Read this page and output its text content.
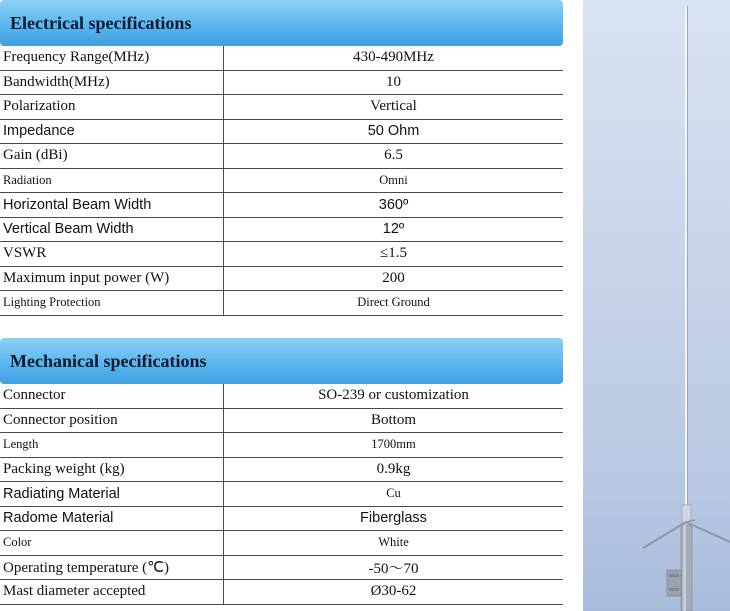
Electrical specifications
Frequency Range(MHz)	430-490MHz
Bandwidth(MHz)	10
Polarization	Vertical
Impedance	50 Ohm
Gain (dBi)	6.5
Radiation	Omni
Horizontal Beam Width	360º
Vertical Beam Width	12º
VSWR	≤1.5
Maximum input power (W)	200
Lighting Protection	Direct Ground
Mechanical specifications
Connector	SO-239 or customization
Connector position	Bottom
Length	1700mm
Packing weight (kg)	0.9kg
Radiating Material	Cu
Radome Material	Fiberglass
Color	White
Operating temperature (℃)	-50～70
Mast diameter accepted	Ø30-62
